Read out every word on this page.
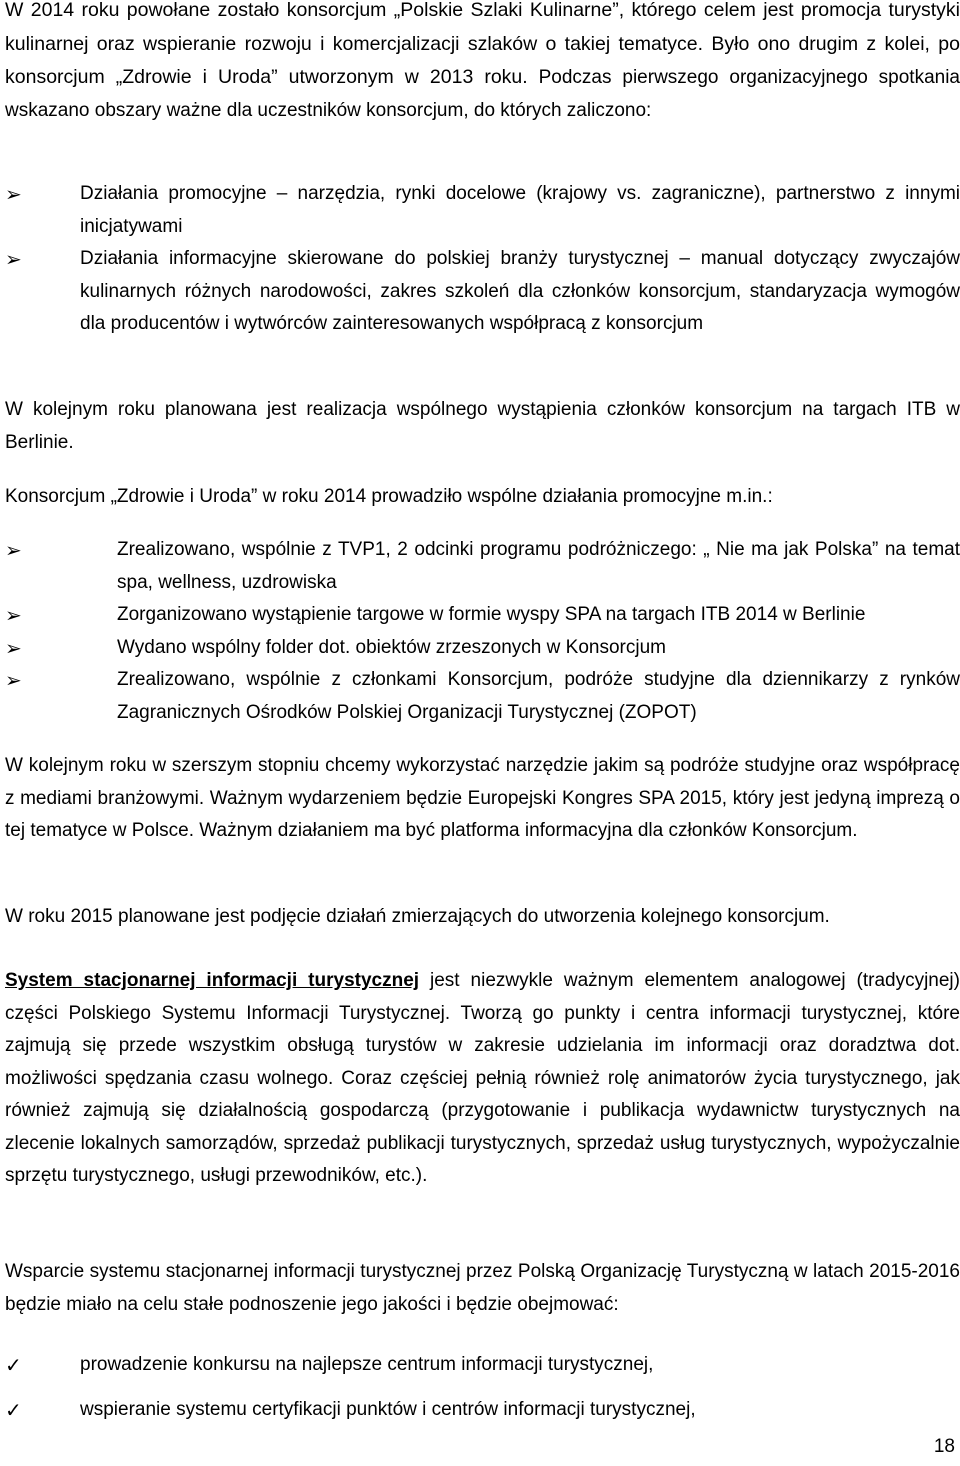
W 2014 roku powołane zostało konsorcjum „Polskie Szlaki Kulinarne”, którego celem jest promocja turystyki kulinarnej oraz wspieranie rozwoju i komercjalizacji szlaków o takiej tematyce. Było ono drugim z kolei, po konsorcjum „Zdrowie i Uroda” utworzonym w 2013 roku. Podczas pierwszego organizacyjnego spotkania wskazano obszary ważne dla uczestników konsorcjum, do których zaliczono:

➢	Działania promocyjne – narzędzia, rynki docelowe (krajowy vs. zagraniczne), partnerstwo z innymi inicjatywami

➢	Działania informacyjne skierowane do polskiej branży turystycznej – manual dotyczący zwyczajów kulinarnych różnych narodowości, zakres szkoleń dla członków konsorcjum, standaryzacja wymogów dla producentów i wytwórców zainteresowanych współpracą z konsorcjum

W kolejnym roku planowana jest realizacja wspólnego wystąpienia członków konsorcjum na targach ITB w Berlinie.

Konsorcjum „Zdrowie i Uroda” w roku 2014 prowadziło wspólne działania promocyjne m.in.:

➢	Zrealizowano, wspólnie z TVP1, 2 odcinki programu podróżniczego: „ Nie ma jak Polska” na temat spa, wellness, uzdrowiska

➢	Zorganizowano wystąpienie targowe w formie wyspy SPA na targach ITB 2014 w Berlinie

➢	Wydano wspólny folder dot. obiektów zrzeszonych w Konsorcjum

➢	Zrealizowano, wspólnie z członkami Konsorcjum, podróże studyjne dla dziennikarzy z rynków Zagranicznych Ośrodków Polskiej Organizacji Turystycznej (ZOPOT)

W kolejnym roku w szerszym stopniu chcemy wykorzystać narzędzie jakim są podróże studyjne oraz współpracę z mediami branżowymi. Ważnym wydarzeniem będzie Europejski Kongres SPA 2015, który jest jedyną imprezą o tej tematyce w Polsce. Ważnym działaniem ma być platforma informacyjna dla członków Konsorcjum.

W roku 2015 planowane jest podjęcie działań zmierzających do utworzenia kolejnego konsorcjum.

System stacjonarnej informacji turystycznej jest niezwykle ważnym elementem analogowej (tradycyjnej) części Polskiego Systemu Informacji Turystycznej. Tworzą go punkty i centra informacji turystycznej, które zajmują się przede wszystkim obsługą turystów w zakresie udzielania im informacji oraz doradztwa dot. możliwości spędzania czasu wolnego. Coraz częściej pełnią również rolę animatorów życia turystycznego, jak również zajmują się działalnością gospodarczą (przygotowanie i publikacja wydawnictw turystycznych na zlecenie lokalnych samorządów, sprzedaż publikacji turystycznych, sprzedaż usług turystycznych, wypożyczalnie sprzętu turystycznego, usługi przewodników, etc.).

Wsparcie systemu stacjonarnej informacji turystycznej przez Polską Organizację Turystyczną w latach 2015-2016 będzie miało na celu stałe podnoszenie jego jakości i będzie obejmować:

✓	prowadzenie konkursu na najlepsze centrum informacji turystycznej,

✓	wspieranie systemu certyfikacji punktów i centrów informacji turystycznej,

18
